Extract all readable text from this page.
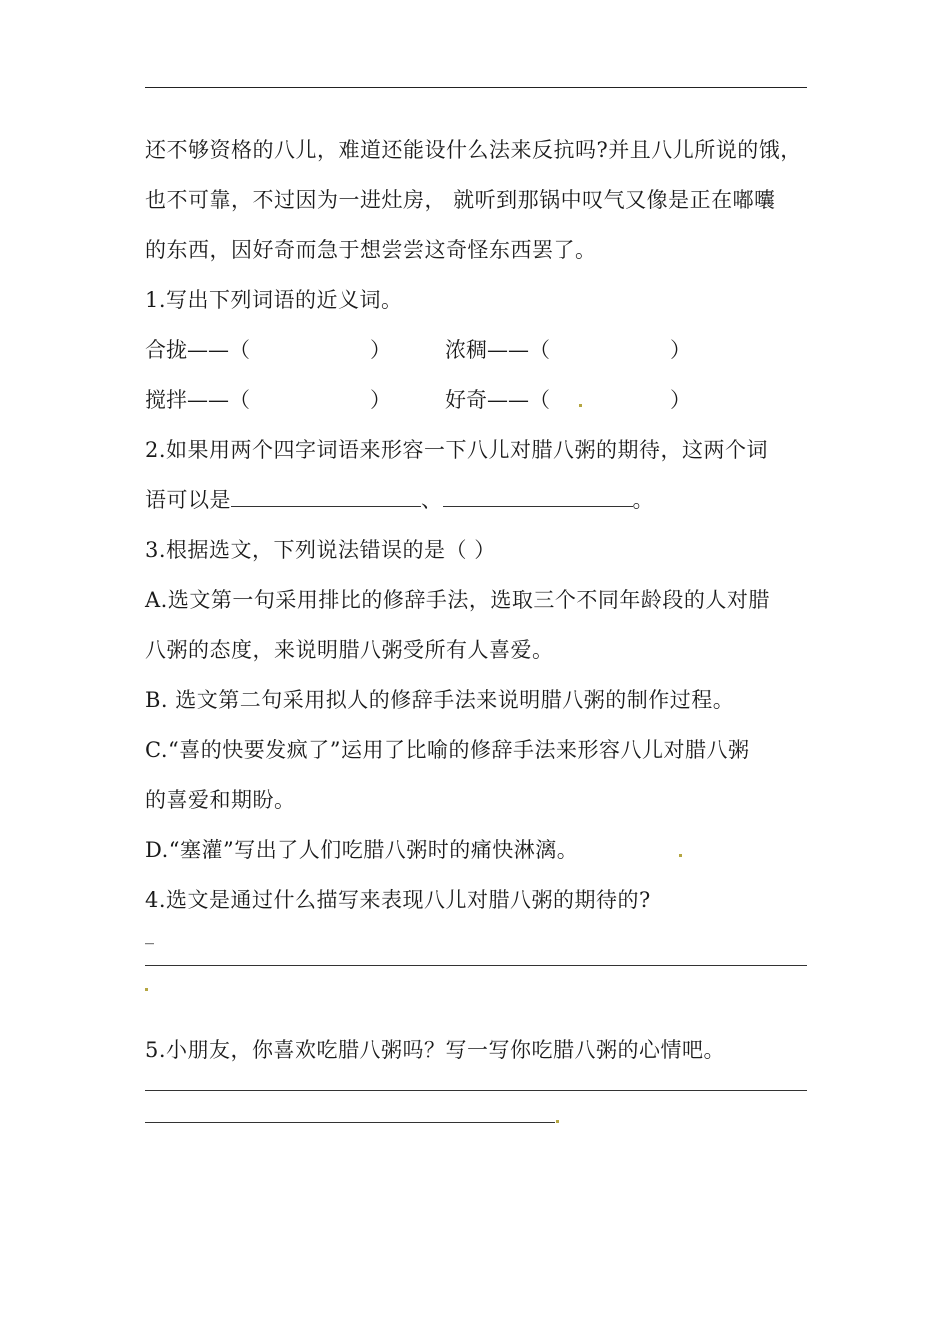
还不够资格的八儿，难道还能设什么法来反抗吗?并且八儿所说的饿，
也不可靠，不过因为一进灶房， 就听到那锅中叹气又像是正在嘟囔
的东西，因好奇而急于想尝尝这奇怪东西罢了。
1.写出下列词语的近义词。
合拢——（	）	浓稠——（	）
搅拌——（	）	好奇——（	）
2.如果用两个四字词语来形容一下八儿对腊八粥的期待，这两个词
语可以是	、	。
3.根据选文，下列说法错误的是（ ）
A.选文第一句采用排比的修辞手法，选取三个不同年龄段的人对腊
八粥的态度，来说明腊八粥受所有人喜爱。
B. 选文第二句采用拟人的修辞手法来说明腊八粥的制作过程。
C.“喜的快要发疯了”运用了比喻的修辞手法来形容八儿对腊八粥
的喜爱和期盼。
D.“塞灌”写出了人们吃腊八粥时的痛快淋漓。
4.选文是通过什么描写来表现八儿对腊八粥的期待的?
_
5.小朋友，你喜欢吃腊八粥吗？写一写你吃腊八粥的心情吧。
